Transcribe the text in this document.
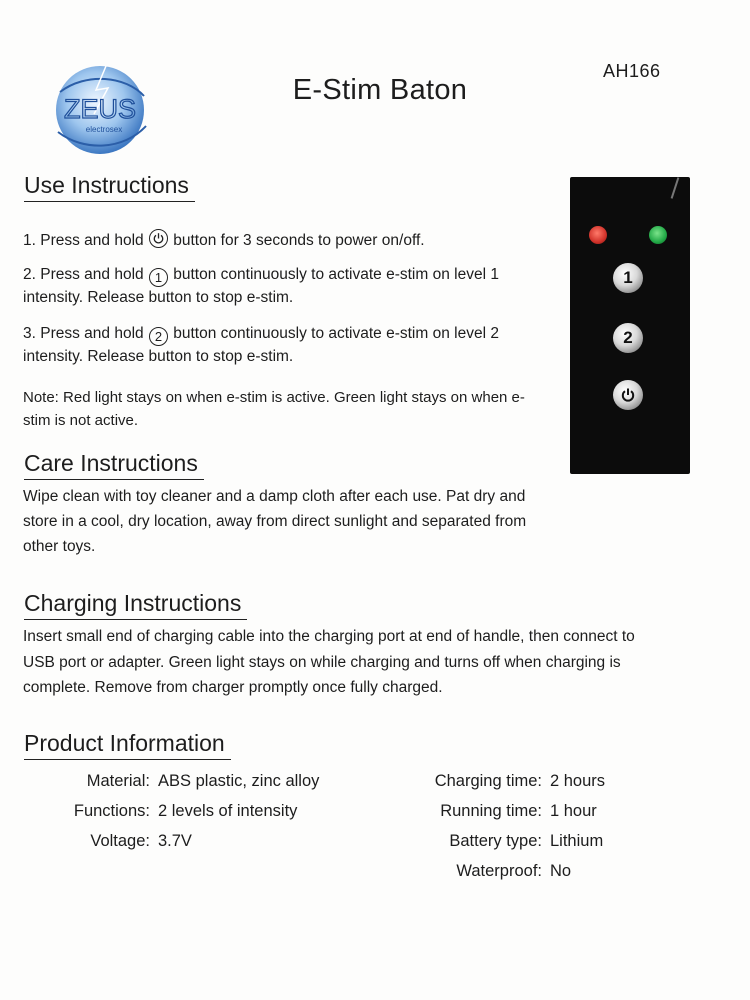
ZEUS
electrosex
E-Stim Baton
AH166
Use Instructions

1. Press and hold
button for 3 seconds to power on/off.

2. Press and hold 1 button continuously to activate e-stim on level 1 intensity. Release button to stop e-stim.

3. Press and hold 2 button continuously to activate e-stim on level 2 intensity. Release button to stop e-stim.

Note: Red light stays on when e-stim is active. Green light stays on when e-stim is not active.

1
2
Care Instructions

Wipe clean with toy cleaner and a damp cloth after each use. Pat dry and store in a cool, dry location, away from direct sunlight and separated from other toys.

Charging Instructions

Insert small end of charging cable into the charging port at end of handle, then connect to USB port or adapter. Green light stays on while charging and turns off when charging is complete. Remove from charger promptly once fully charged.

Product Information
Material: ABS plastic, zinc alloy
Functions: 2 levels of intensity
Voltage: 3.7V
Charging time: 2 hours
Running time: 1 hour
Battery type: Lithium
Waterproof: No
